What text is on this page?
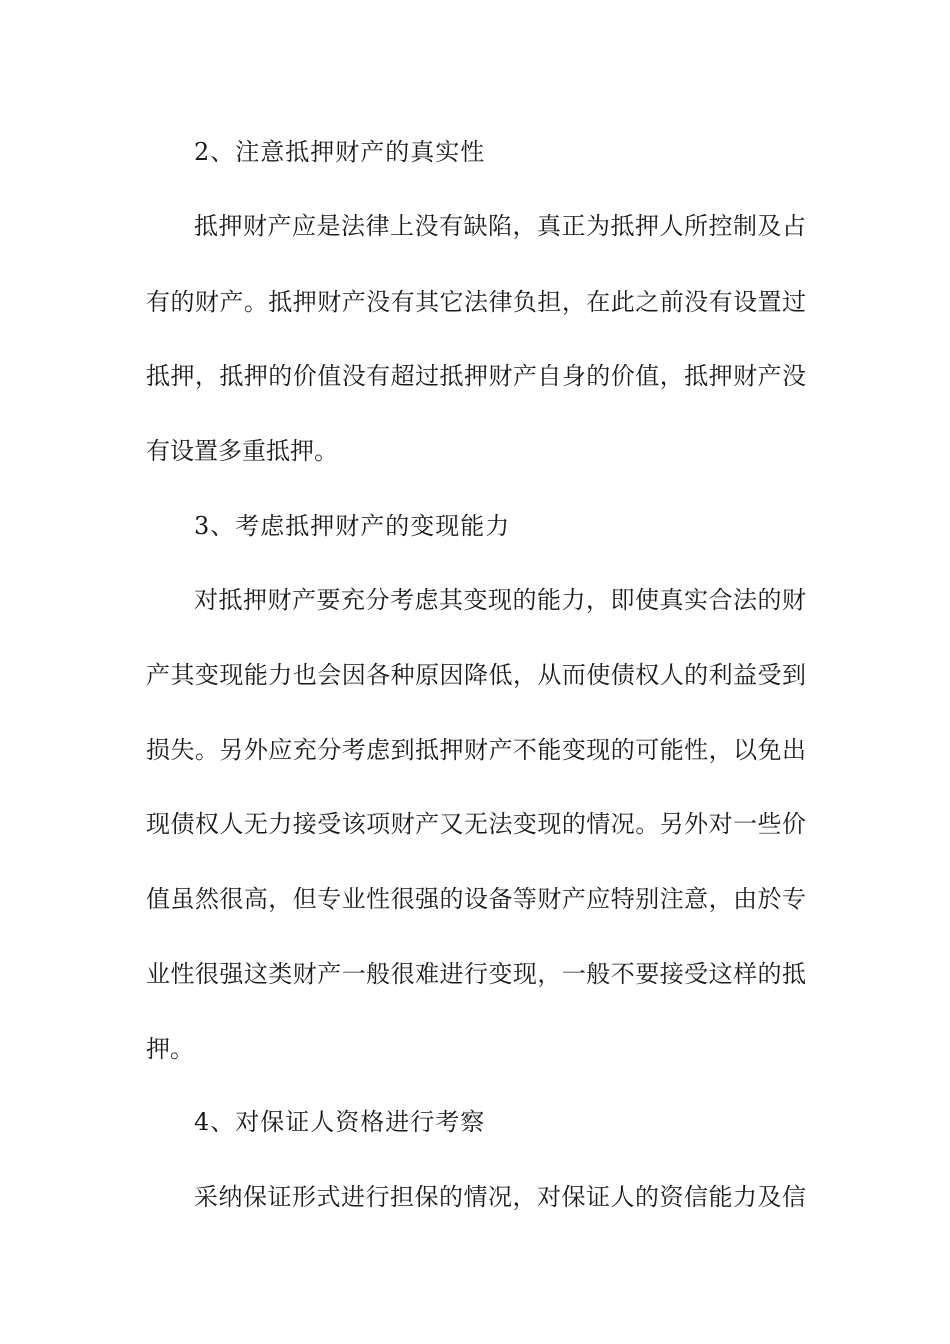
2、注意抵押财产的真实性
抵押财产应是法律上没有缺陷，真正为抵押人所控制及占
有的财产。抵押财产没有其它法律负担，在此之前没有设置过
抵押，抵押的价值没有超过抵押财产自身的价值，抵押财产没
有设置多重抵押。
3、考虑抵押财产的变现能力
对抵押财产要充分考虑其变现的能力，即使真实合法的财
产其变现能力也会因各种原因降低，从而使债权人的利益受到
损失。另外应充分考虑到抵押财产不能变现的可能性，以免出
现债权人无力接受该项财产又无法变现的情况。另外对一些价
值虽然很高，但专业性很强的设备等财产应特别注意，由於专
业性很强这类财产一般很难进行变现，一般不要接受这样的抵
押。
4、对保证人资格进行考察
采纳保证形式进行担保的情况，对保证人的资信能力及信
